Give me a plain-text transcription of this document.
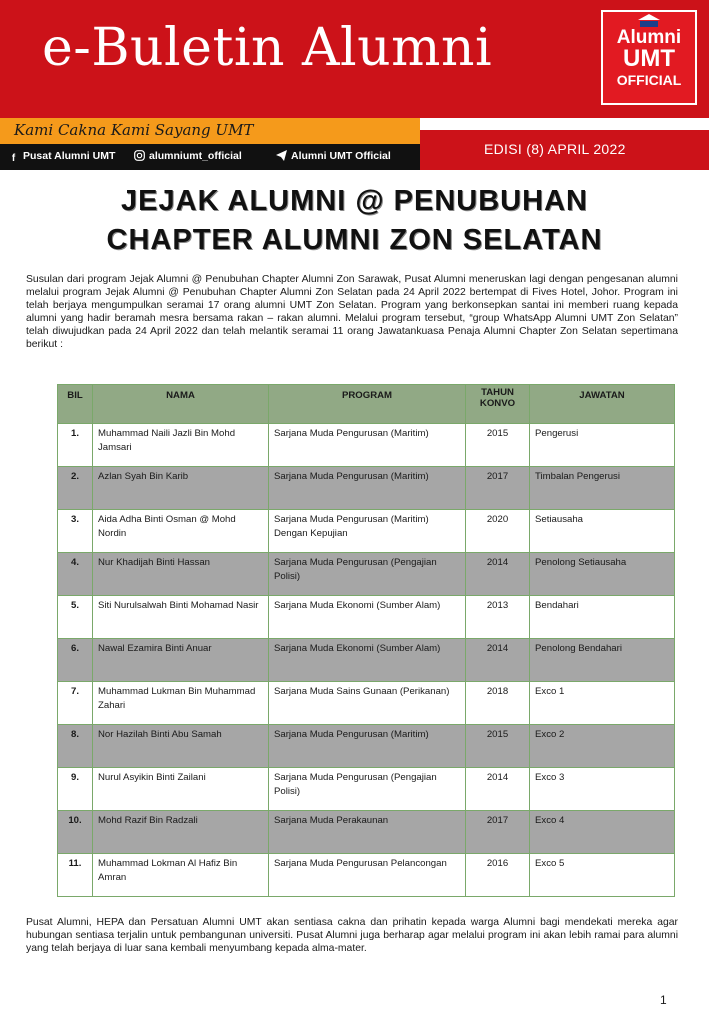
e-Buletin Alumni	Alumni
UMT
OFFICIAL
Kami Cakna Kami Sayang UMT
f Pusat Alumni UMT	alumniumt_official	Alumni UMT Official	EDISI (8) APRIL 2022
JEJAK ALUMNI @ PENUBUHAN
CHAPTER ALUMNI ZON SELATAN
Susulan dari program Jejak Alumni @ Penubuhan Chapter Alumni Zon Sarawak, Pusat Alumni meneruskan lagi dengan pengesanan alumni melalui program Jejak Alumni @ Penubuhan Chapter Alumni Zon Selatan pada 24 April 2022 bertempat di Fives Hotel, Johor. Program ini telah berjaya mengumpulkan seramai 17 orang alumni UMT Zon Selatan. Program yang berkonsepkan santai ini memberi ruang kepada alumni yang hadir beramah mesra bersama rakan – rakan alumni. Melalui program tersebut, “group WhatsApp Alumni UMT Zon Selatan” telah diwujudkan pada 24 April 2022 dan telah melantik seramai 11 orang Jawatankuasa Penaja Alumni Chapter Zon Selatan sepertimana berikut :
BIL	NAMA	PROGRAM	TAHUN KONVO	JAWATAN
1.	Muhammad Naili Jazli Bin Mohd Jamsari	Sarjana Muda Pengurusan (Maritim)	2015	Pengerusi
2.	Azlan Syah Bin Karib	Sarjana Muda Pengurusan (Maritim)	2017	Timbalan Pengerusi
3.	Aida Adha Binti Osman @ Mohd Nordin	Sarjana Muda Pengurusan (Maritim) Dengan Kepujian	2020	Setiausaha
4.	Nur Khadijah Binti Hassan	Sarjana Muda Pengurusan (Pengajian Polisi)	2014	Penolong Setiausaha
5.	Siti Nurulsalwah Binti Mohamad Nasir	Sarjana Muda Ekonomi (Sumber Alam)	2013	Bendahari
6.	Nawal Ezamira Binti Anuar	Sarjana Muda Ekonomi (Sumber Alam)	2014	Penolong Bendahari
7.	Muhammad Lukman Bin Muhammad Zahari	Sarjana Muda Sains Gunaan (Perikanan)	2018	Exco 1
8.	Nor Hazilah Binti Abu Samah	Sarjana Muda Pengurusan (Maritim)	2015	Exco 2
9.	Nurul Asyikin Binti Zailani	Sarjana Muda Pengurusan (Pengajian Polisi)	2014	Exco 3
10.	Mohd Razif Bin Radzali	Sarjana Muda Perakaunan	2017	Exco 4
11.	Muhammad Lokman Al Hafiz Bin Amran	Sarjana Muda Pengurusan Pelancongan	2016	Exco 5
Pusat Alumni, HEPA dan Persatuan Alumni UMT akan sentiasa cakna dan prihatin kepada warga Alumni bagi mendekati mereka agar hubungan sentiasa terjalin untuk pembangunan universiti. Pusat Alumni juga berharap agar melalui program ini akan lebih ramai para alumni yang telah berjaya di luar sana kembali menyumbang kepada alma-mater.
1
